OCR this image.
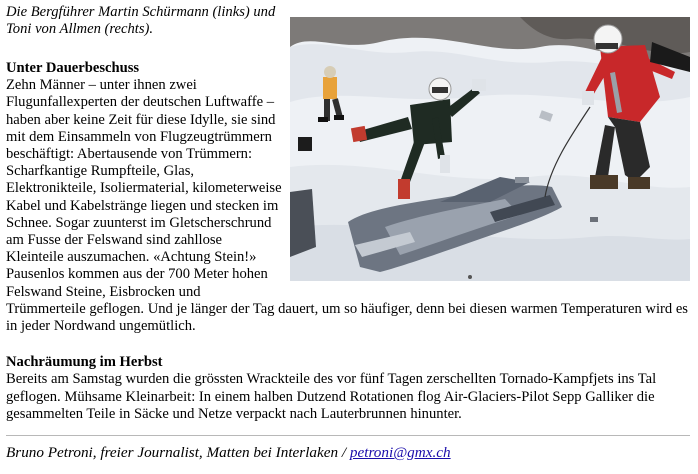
Die Bergführer Martin Schürmann (links) und Toni von Allmen (rechts).
Unter Dauerbeschuss

Zehn Männer – unter ihnen zwei Flugunfallexperten der deutschen Luftwaffe – haben aber keine Zeit für diese Idylle, sie sind mit dem Einsammeln von Flugzeugtrümmern beschäftigt: Abertausende von Trümmern: Scharfkantige Rumpfteile, Glas, Elektronikteile, Isoliermaterial, kilometerweise Kabel und Kabelstränge liegen und stecken im Schnee. Sogar zuunterst im Gletscherschrund am Fusse der Felswand sind zahllose Kleinteile auszumachen. «Achtung Stein!» Pausenlos kommen aus der 700 Meter hohen Felswand Steine, Eisbrocken und Trümmerteile geflogen. Und je länger der Tag dauert, um so häufiger, denn bei diesen warmen Temperaturen wird es in jeder Nordwand ungemütlich.

Nachräumung im Herbst

Bereits am Samstag wurden die grössten Wrackteile des vor fünf Tagen zerschellten Tornado-Kampfjets ins Tal geflogen. Mühsame Kleinarbeit: In einem halben Dutzend Rotationen flog Air-Glaciers-Pilot Sepp Galliker die gesammelten Teile in Säcke und Netze verpackt nach Lauterbrunnen hinunter.

Bruno Petroni, freier Journalist, Matten bei Interlaken / petroni@gmx.ch
